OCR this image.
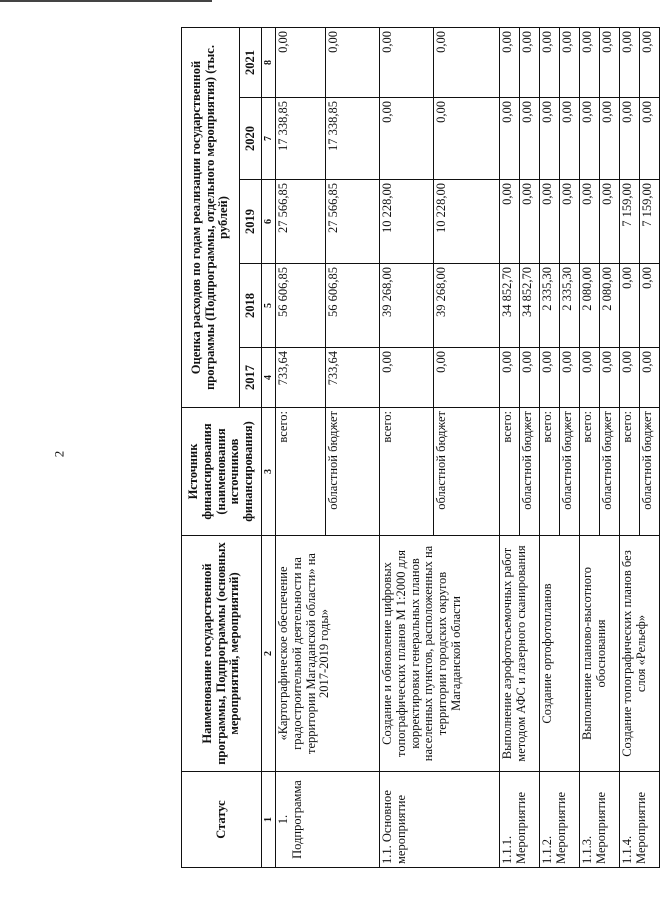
2
Статус	Наименование государственной программы, Подпрограммы (основных мероприятий, мероприятий)	Источник финансирования (наименования источников финансирования)	Оценка расходов по годам реализации государственной программы (Подпрограммы, отдельного мероприятия) (тыс. рублей)				
			2017	2018	2019	2020	2021
1	2	3	4	5	6	7	8
1. Подпрограмма	«Картографическое обеспечение градостроительной деятельности на территории Магаданской области» на 2017-2019 годы»	всего:	733,64	56 606,85	27 566,85	17 338,85	0,00
		областной бюджет	733,64	56 606,85	27 566,85	17 338,85	0,00
1.1. Основное мероприятие	Создание и обновление цифровых топографических планов М 1:2000 для корректировки генеральных планов населенных пунктов, расположенных на территории городских округов Магаданской области	всего:	0,00	39 268,00	10 228,00	0,00	0,00
		областной бюджет	0,00	39 268,00	10 228,00	0,00	0,00
1.1.1. Мероприятие	Выполнение аэрофотосъемочных работ методом АФС и лазерного сканирования	всего:	0,00	34 852,70	0,00	0,00	0,00
		областной бюджет	0,00	34 852,70	0,00	0,00	0,00
1.1.2. Мероприятие	Создание ортофотопланов	всего:	0,00	2 335,30	0,00	0,00	0,00
		областной бюджет	0,00	2 335,30	0,00	0,00	0,00
1.1.3. Мероприятие	Выполнение планово-высотного обоснования	всего:	0,00	2 080,00	0,00	0,00	0,00
		областной бюджет	0,00	2 080,00	0,00	0,00	0,00
1.1.4. Мероприятие	Создание топографических планов без слоя «Рельеф»	всего:	0,00	0,00	7 159,00	0,00	0,00
		областной бюджет	0,00	0,00	7 159,00	0,00	0,00
